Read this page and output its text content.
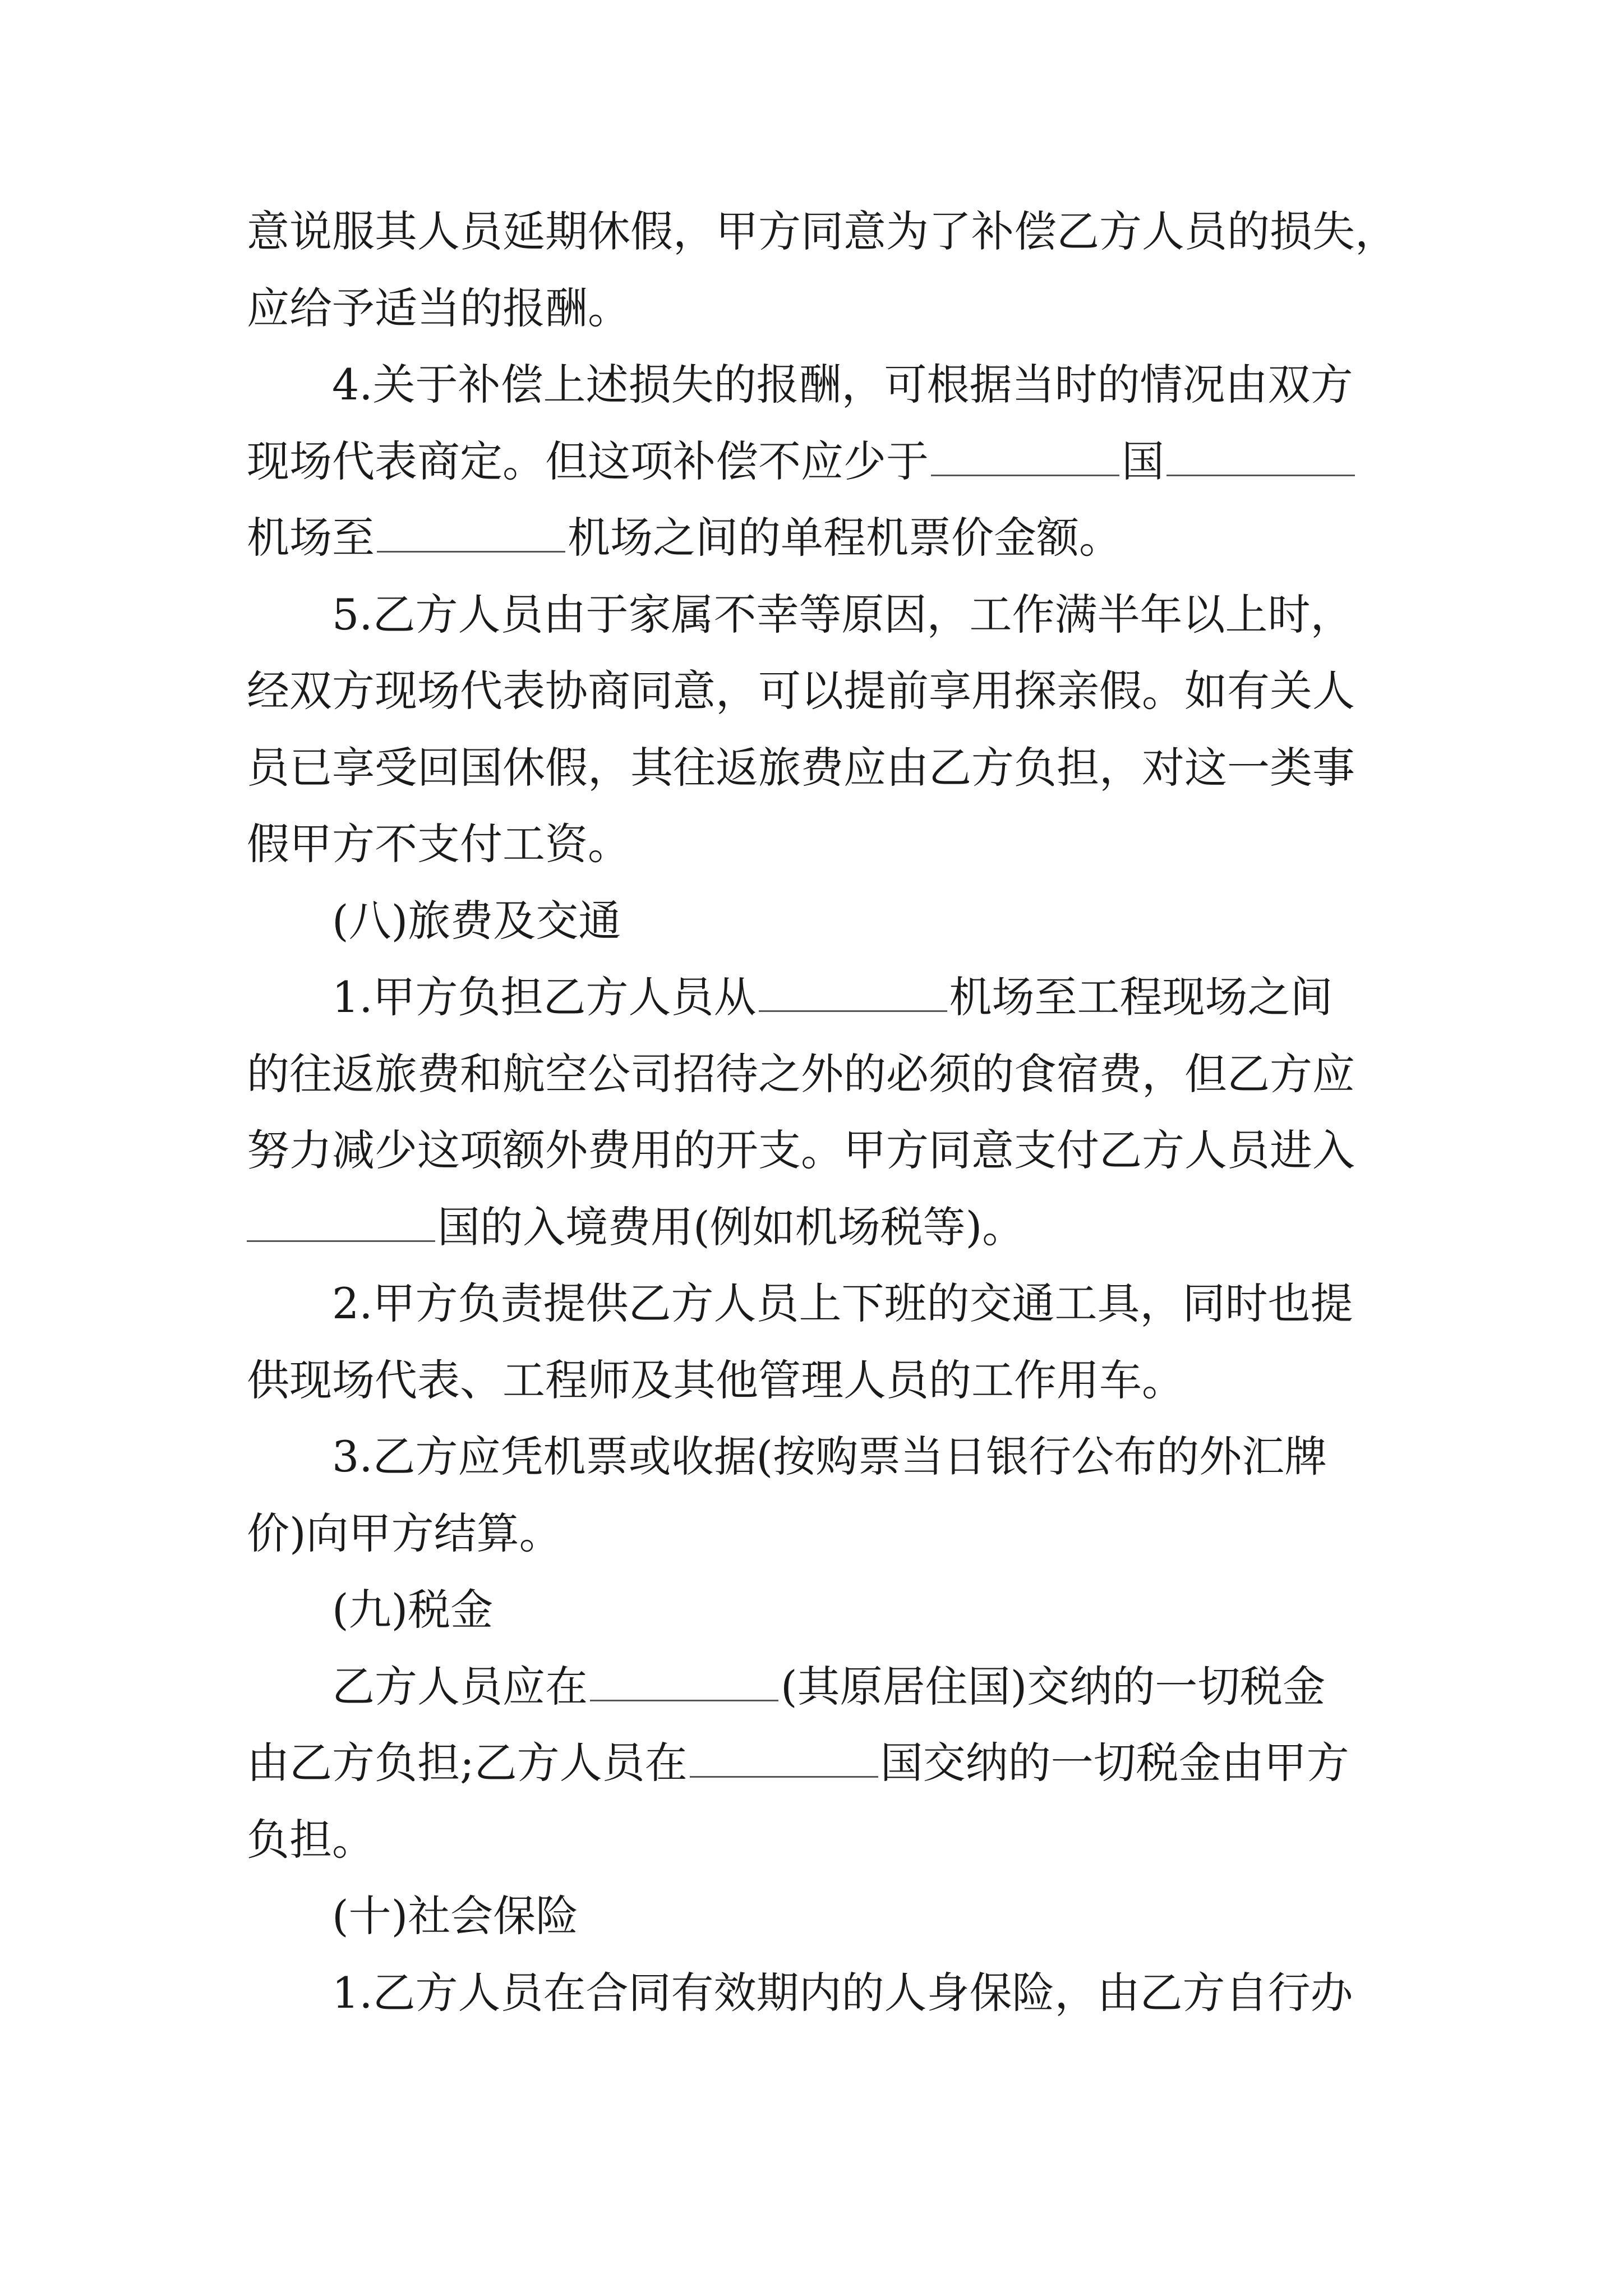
意说服其人员延期休假，甲方同意为了补偿乙方人员的损失，
应给予适当的报酬。
4.关于补偿上述损失的报酬，可根据当时的情况由双方
现场代表商定。但这项补偿不应少于	国
机场至	机场之间的单程机票价金额。
5.乙方人员由于家属不幸等原因，工作满半年以上时，
经双方现场代表协商同意，可以提前享用探亲假。如有关人
员已享受回国休假，其往返旅费应由乙方负担，对这一类事
假甲方不支付工资。
(八)旅费及交通
1.甲方负担乙方人员从	机场至工程现场之间
的往返旅费和航空公司招待之外的必须的食宿费，但乙方应
努力减少这项额外费用的开支。甲方同意支付乙方人员进入
国的入境费用(例如机场税等)。
2.甲方负责提供乙方人员上下班的交通工具，同时也提
供现场代表、工程师及其他管理人员的工作用车。
3.乙方应凭机票或收据(按购票当日银行公布的外汇牌
价)向甲方结算。
(九)税金
乙方人员应在	(其原居住国)交纳的一切税金
由乙方负担;乙方人员在	国交纳的一切税金由甲方
负担。
(十)社会保险
1.乙方人员在合同有效期内的人身保险，由乙方自行办
